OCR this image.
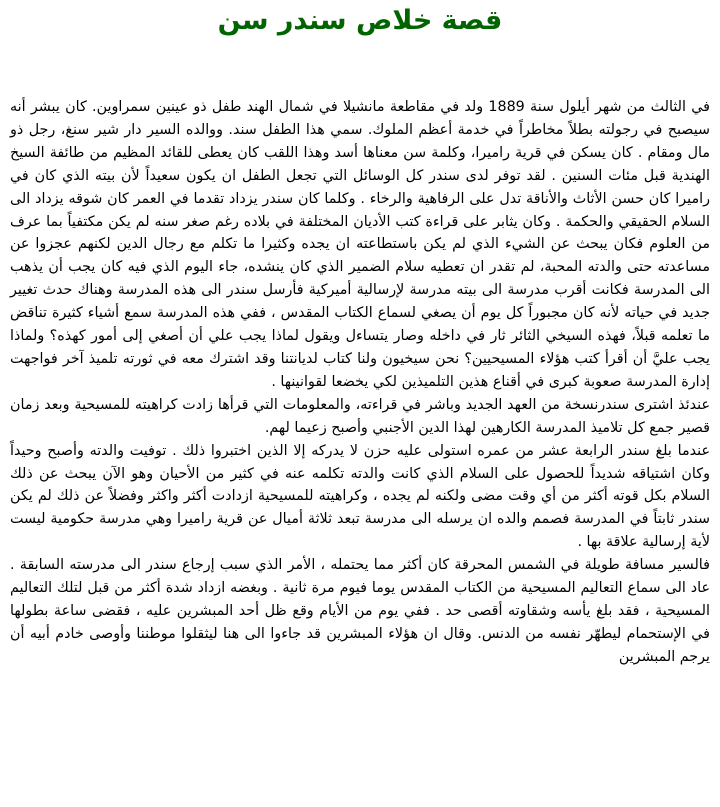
قصة خلاص سندر سن

في الثالث من شهر أيلول سنة 1889 ولد في مقاطعة مانشيلا في شمال الهند طفل ذو عينين سمراوين. كان يبشر أنه سيصبح في رجولته بطلاً مخاطراً في خدمة أعظم الملوك. سمي هذا الطفل سند. ووالده السير دار شير سنغ، رجل ذو مال ومقام . كان يسكن في قرية راميرا، وكلمة سن معناها أسد وهذا اللقب كان يعطى للقائد المظيم من طائفة السيخ الهندية قبل مئات السنين . لقد توفر لدى سندر كل الوسائل التي تجعل الطفل ان يكون سعيداً لأن بيته الذي كان في راميرا كان حسن الأثاث والأناقة تدل على الرفاهية والرخاء . وكلما كان سندر يزداد تقدما في العمر كان شوقه يزداد الى السلام الحقيقي والحكمة . وكان يثابر على قراءة كتب الأديان المختلفة في بلاده رغم صغر سنه لم يكن مكتفياً بما عرف من العلوم فكان يبحث عن الشيء الذي لم يكن باستطاعته ان يجده وكثيرا ما تكلم مع رجال الدين لكنهم عجزوا عن مساعدته حتى والدته المحبة، لم تقدر ان تعطيه سلام الضمير الذي كان ينشده، جاء اليوم الذي فيه كان يجب أن يذهب الى المدرسة فكانت أقرب مدرسة الى بيته مدرسة لإرسالية أميركية فأرسل سندر الى هذه المدرسة وهناك حدث تغيير جديد في حياته لأنه كان مجبوراً كل يوم أن يصغي لسماع الكتاب المقدس ، ففي هذه المدرسة سمع أشياء كثيرة تناقض ما تعلمه قبلاً، فهذه السيخي الثائر ثار في داخله وصار يتساءل ويقول لماذا يجب علي أن أصغي إلى أمور كهذه؟ ولماذا يجب عليَّ أن أقرأ كتب هؤلاء المسيحيين؟ نحن سيخيون ولنا كتاب لديانتنا وقد اشترك معه في ثورته تلميذ آخر فواجهت إدارة المدرسة صعوبة كبرى في أقناع هذين التلميذين لكي يخضعا لقوانينها .

عندئذ اشترى سندرنسخة من العهد الجديد وباشر في قراءته، والمعلومات التي قرأها زادت كراهيته للمسيحية وبعد زمان قصير جمع كل تلاميذ المدرسة الكارهين لهذا الدين الأجنبي وأصبح زعيما لهم.

عندما بلغ سندر الرابعة عشر من عمره استولى عليه حزن لا يدركه إلا الذين اختبروا ذلك . توفيت والدته وأصبح وحيداً وكان اشتياقه شديداً للحصول على السلام الذي كانت والدته تكلمه عنه في كثير من الأحيان وهو الآن يبحث عن ذلك السلام بكل قوته أكثر من أي وقت مضى ولكنه لم يجده ، وكراهيته للمسيحية ازدادت أكثر واكثر وفضلاً عن ذلك لم يكن سندر ثابتاً في المدرسة فصمم والده ان يرسله الى مدرسة تبعد ثلاثة أميال عن قرية راميرا وهي مدرسة حكومية ليست لأية إرسالية علاقة بها .

فالسير مسافة طويلة في الشمس المحرقة كان أكثر مما يحتمله ، الأمر الذي سبب إرجاع سندر الى مدرسته السابقة . عاد الى سماع التعاليم المسيحية من الكتاب المقدس يوما فيوم مرة ثانية . وبغضه ازداد شدة أكثر من قبل لتلك التعاليم المسيحية ، فقد بلغ يأسه وشقاوته أقصى حد . ففي يوم من الأيام وقع ظل أحد المبشرين عليه ، فقضى ساعة بطولها في الإستحمام ليطهّر نفسه من الدنس. وقال ان هؤلاء المبشرين قد جاءوا الى هنا ليثقلوا موطننا وأوصى خادم أبيه أن يرجم المبشرين
